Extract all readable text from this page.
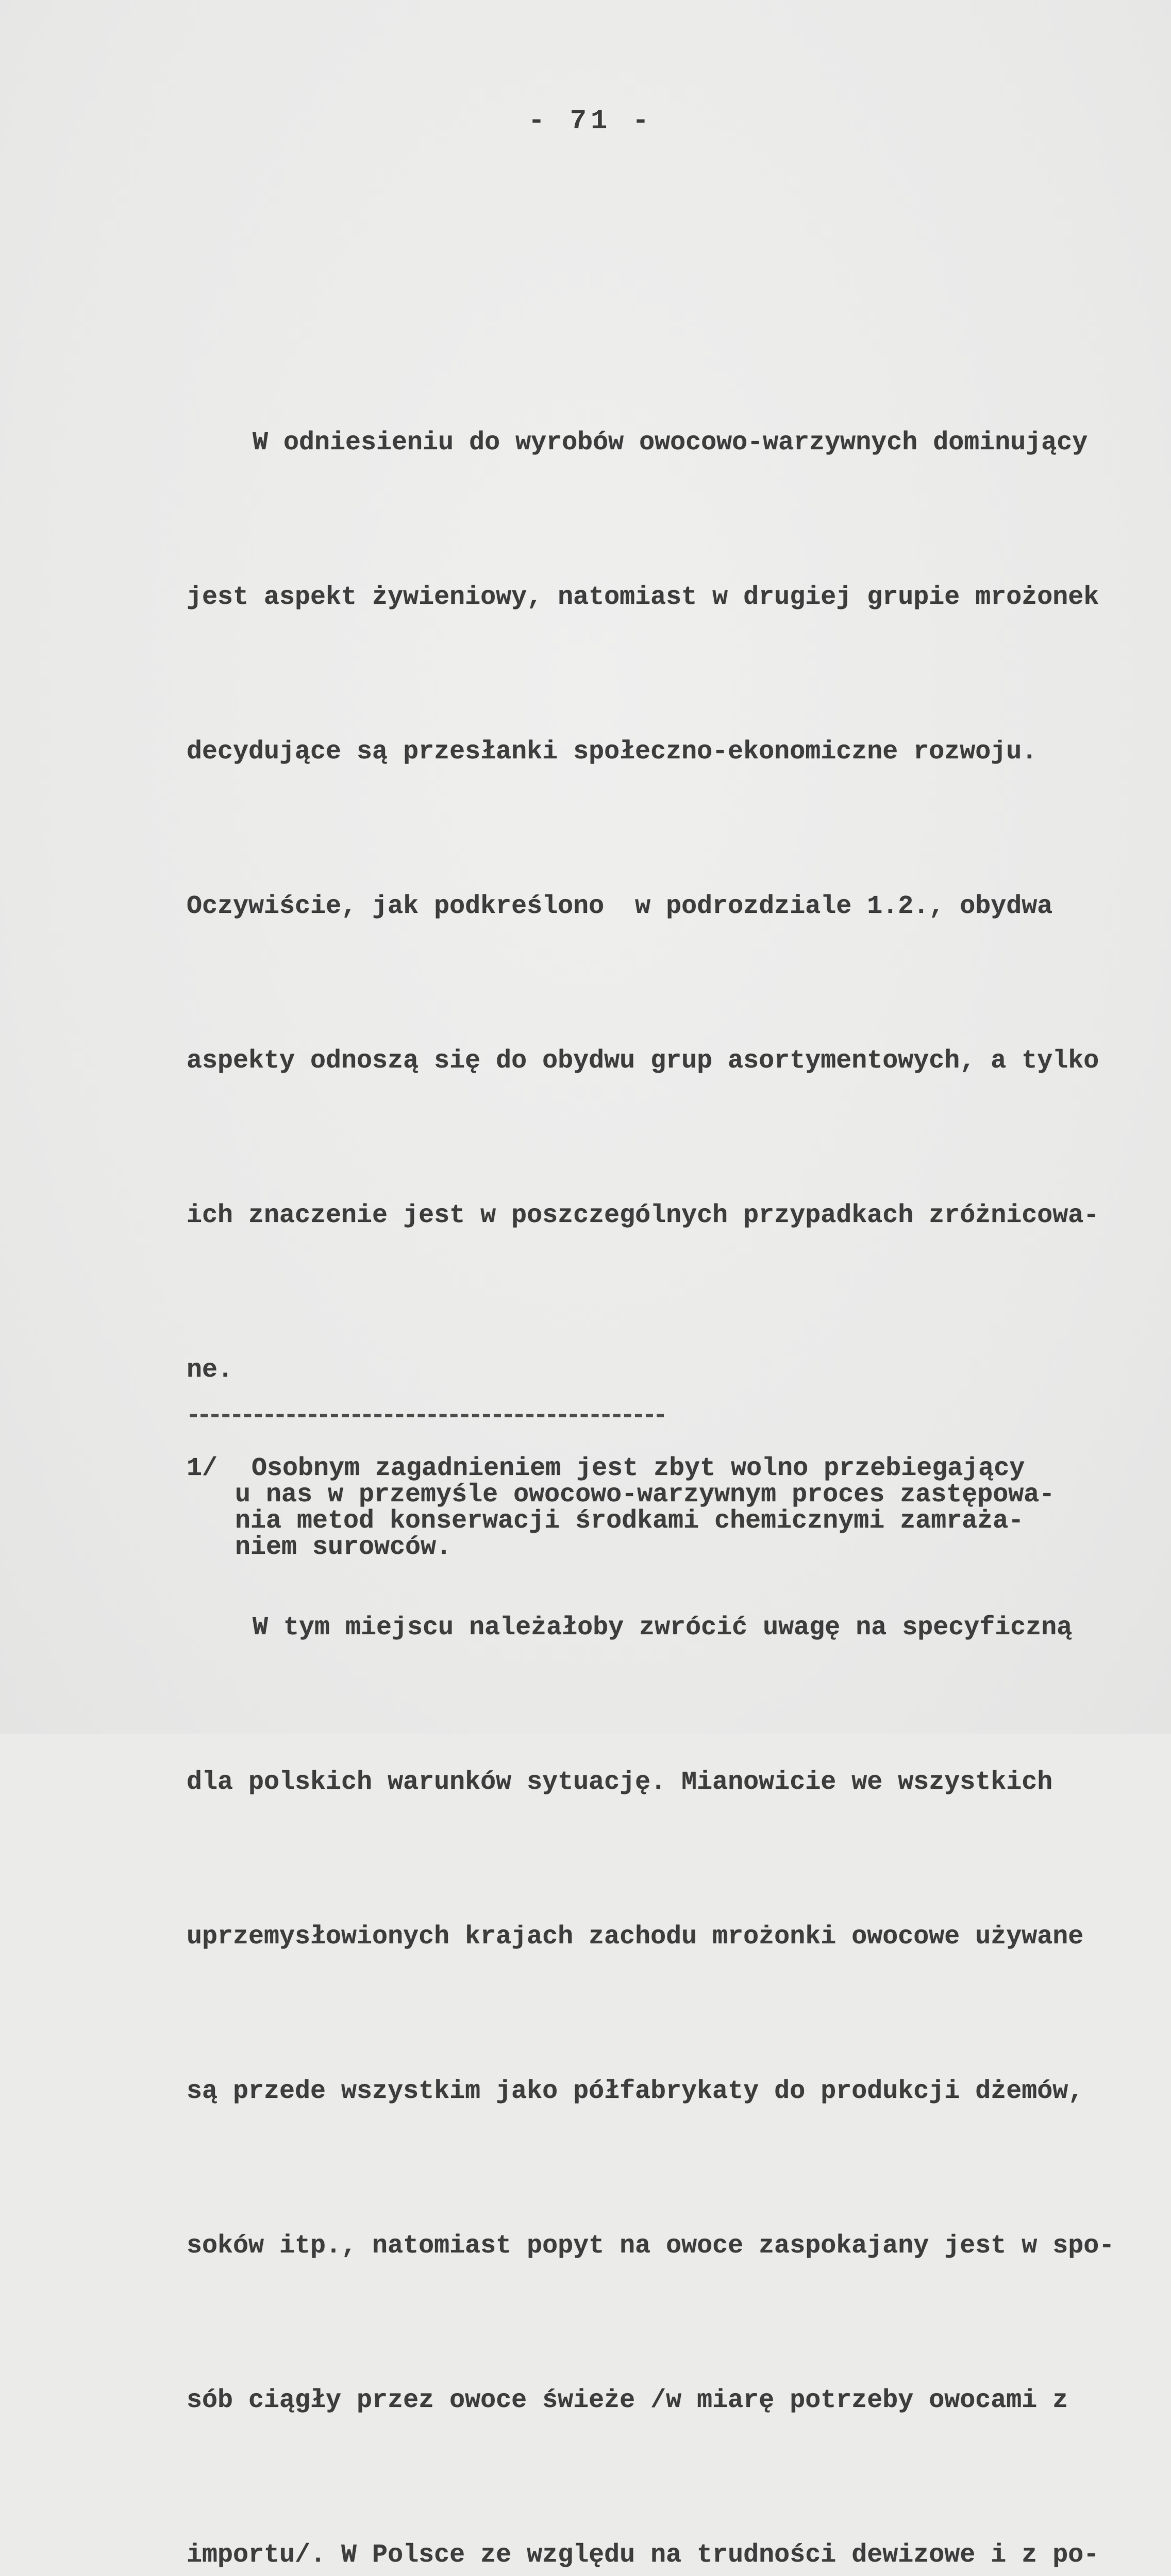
- 71 -

W odniesieniu do wyrobów owocowo-warzywnych dominujący

jest aspekt żywieniowy, natomiast w drugiej grupie mrożonek

decydujące są przesłanki społeczno-ekonomiczne rozwoju.

Oczywiście, jak podkreślono  w podrozdziale 1.2., obydwa

aspekty odnoszą się do obydwu grup asortymentowych, a tylko

ich znaczenie jest w poszczególnych przypadkach zróżnicowa-

ne.

W tym miejscu należałoby zwrócić uwagę na specyficzną

dla polskich warunków sytuację. Mianowicie we wszystkich

uprzemysłowionych krajach zachodu mrożonki owocowe używane

są przede wszystkim jako półfabrykaty do produkcji dżemów,

soków itp., natomiast popyt na owoce zaspokajany jest w spo-

sób ciągły przez owoce świeże /w miarę potrzeby owocami z

importu/. W Polsce ze względu na trudności dewizowe i z po-

1/ Osobnym zagadnieniem jest zbyt wolno przebiegający
u nas w przemyśle owocowo-warzywnym proces zastępowa-
nia metod konserwacji środkami chemicznymi zamraża-
niem surowców.
